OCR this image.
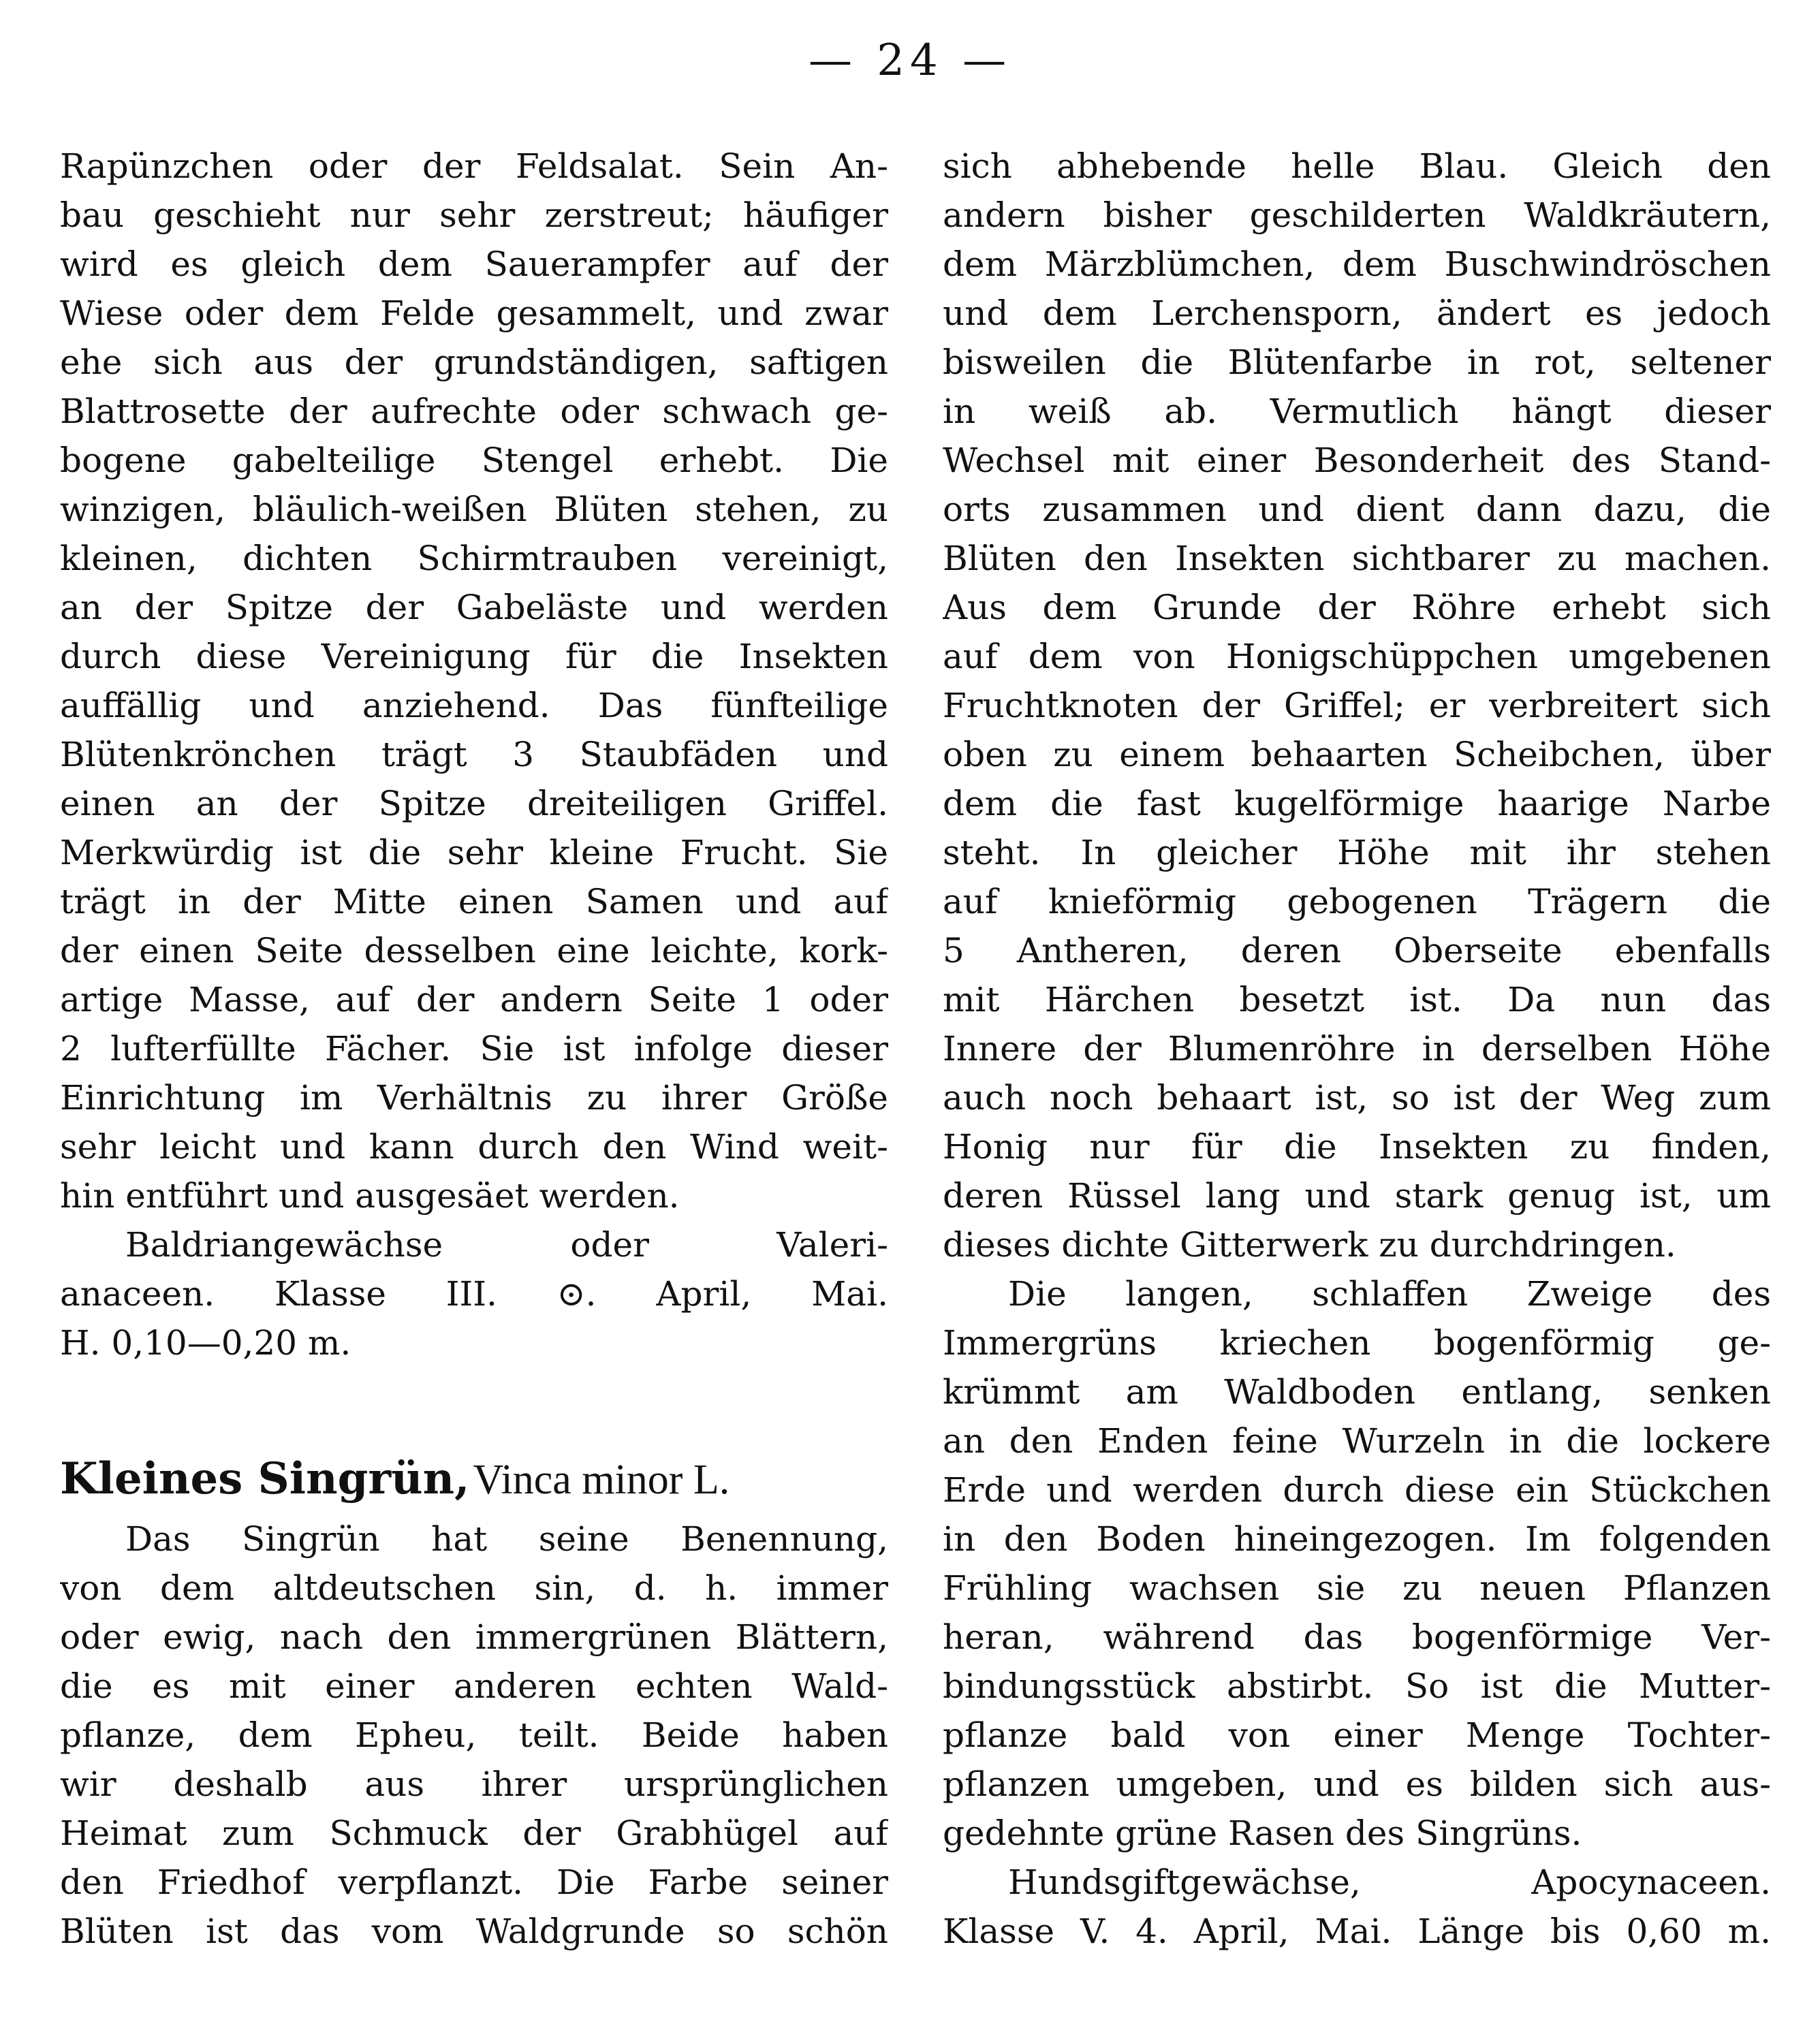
— 24 —
Rapünzchen oder der Feldsalat. Sein An-
bau geschieht nur sehr zerstreut; häufiger
wird es gleich dem Sauerampfer auf der
Wiese oder dem Felde gesammelt, und zwar
ehe sich aus der grundständigen, saftigen
Blattrosette der aufrechte oder schwach ge-
bogene gabelteilige Stengel erhebt. Die
winzigen, bläulich-weißen Blüten stehen, zu
kleinen, dichten Schirmtrauben vereinigt,
an der Spitze der Gabeläste und werden
durch diese Vereinigung für die Insekten
auffällig und anziehend. Das fünfteilige
Blütenkrönchen trägt 3 Staubfäden und
einen an der Spitze dreiteiligen Griffel.
Merkwürdig ist die sehr kleine Frucht. Sie
trägt in der Mitte einen Samen und auf
der einen Seite desselben eine leichte, kork-
artige Masse, auf der andern Seite 1 oder
2 lufterfüllte Fächer. Sie ist infolge dieser
Einrichtung im Verhältnis zu ihrer Größe
sehr leicht und kann durch den Wind weit-
hin entführt und ausgesäet werden.
Baldriangewächse oder Valeri-
anaceen. Klasse III. ⊙. April, Mai.
H. 0,10—0,20 m.
Kleines Singrün, Vinca minor L.
Das Singrün hat seine Benennung,
von dem altdeutschen sin, d. h. immer
oder ewig, nach den immergrünen Blättern,
die es mit einer anderen echten Wald-
pflanze, dem Epheu, teilt. Beide haben
wir deshalb aus ihrer ursprünglichen
Heimat zum Schmuck der Grabhügel auf
den Friedhof verpflanzt. Die Farbe seiner
Blüten ist das vom Waldgrunde so schön
sich abhebende helle Blau. Gleich den
andern bisher geschilderten Waldkräutern,
dem Märzblümchen, dem Buschwindröschen
und dem Lerchensporn, ändert es jedoch
bisweilen die Blütenfarbe in rot, seltener
in weiß ab. Vermutlich hängt dieser
Wechsel mit einer Besonderheit des Stand-
orts zusammen und dient dann dazu, die
Blüten den Insekten sichtbarer zu machen.
Aus dem Grunde der Röhre erhebt sich
auf dem von Honigschüppchen umgebenen
Fruchtknoten der Griffel; er verbreitert sich
oben zu einem behaarten Scheibchen, über
dem die fast kugelförmige haarige Narbe
steht. In gleicher Höhe mit ihr stehen
auf knieförmig gebogenen Trägern die
5 Antheren, deren Oberseite ebenfalls
mit Härchen besetzt ist. Da nun das
Innere der Blumenröhre in derselben Höhe
auch noch behaart ist, so ist der Weg zum
Honig nur für die Insekten zu finden,
deren Rüssel lang und stark genug ist, um
dieses dichte Gitterwerk zu durchdringen.
Die langen, schlaffen Zweige des
Immergrüns kriechen bogenförmig ge-
krümmt am Waldboden entlang, senken
an den Enden feine Wurzeln in die lockere
Erde und werden durch diese ein Stückchen
in den Boden hineingezogen. Im folgenden
Frühling wachsen sie zu neuen Pflanzen
heran, während das bogenförmige Ver-
bindungsstück abstirbt. So ist die Mutter-
pflanze bald von einer Menge Tochter-
pflanzen umgeben, und es bilden sich aus-
gedehnte grüne Rasen des Singrüns.
Hundsgiftgewächse, Apocynaceen.
Klasse V. 4. April, Mai. Länge bis 0,60 m.
